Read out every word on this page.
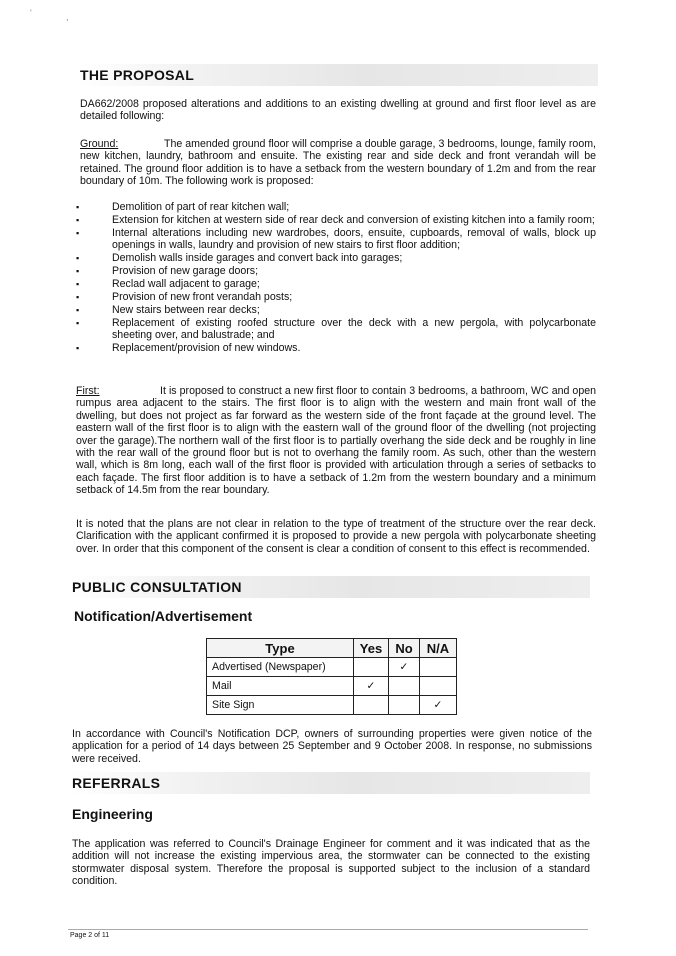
'	,
THE PROPOSAL
DA662/2008 proposed alterations and additions to an existing dwelling at ground and first floor level as are detailed following:
Ground:	The amended ground floor will comprise a double garage, 3 bedrooms, lounge, family room, new kitchen, laundry, bathroom and ensuite. The existing rear and side deck and front verandah will be retained. The ground floor addition is to have a setback from the western boundary of 1.2m and from the rear boundary of 10m. The following work is proposed:
▪ Demolition of part of rear kitchen wall;
▪ Extension for kitchen at western side of rear deck and conversion of existing kitchen into a family room;
▪ Internal alterations including new wardrobes, doors, ensuite, cupboards, removal of walls, block up openings in walls, laundry and provision of new stairs to first floor addition;
▪ Demolish walls inside garages and convert back into garages;
▪ Provision of new garage doors;
▪ Reclad wall adjacent to garage;
▪ Provision of new front verandah posts;
▪ New stairs between rear decks;
▪ Replacement of existing roofed structure over the deck with a new pergola, with polycarbonate sheeting over, and balustrade; and
▪ Replacement/provision of new windows.
First:	It is proposed to construct a new first floor to contain 3 bedrooms, a bathroom, WC and open rumpus area adjacent to the stairs. The first floor is to align with the western and main front wall of the dwelling, but does not project as far forward as the western side of the front façade at the ground level. The eastern wall of the first floor is to align with the eastern wall of the ground floor of the dwelling (not projecting over the garage).The northern wall of the first floor is to partially overhang the side deck and be roughly in line with the rear wall of the ground floor but is not to overhang the family room. As such, other than the western wall, which is 8m long, each wall of the first floor is provided with articulation through a series of setbacks to each façade. The first floor addition is to have a setback of 1.2m from the western boundary and a minimum setback of 14.5m from the rear boundary.
It is noted that the plans are not clear in relation to the type of treatment of the structure over the rear deck. Clarification with the applicant confirmed it is proposed to provide a new pergola with polycarbonate sheeting over. In order that this component of the consent is clear a condition of consent to this effect is recommended.
PUBLIC CONSULTATION
Notification/Advertisement
Type	Yes	No	N/A
Advertised (Newspaper)		✓	
Mail	✓		
Site Sign			✓
In accordance with Council's Notification DCP, owners of surrounding properties were given notice of the application for a period of 14 days between 25 September and 9 October 2008. In response, no submissions were received.
REFERRALS
Engineering
The application was referred to Council's Drainage Engineer for comment and it was indicated that as the addition will not increase the existing impervious area, the stormwater can be connected to the existing stormwater disposal system. Therefore the proposal is supported subject to the inclusion of a standard condition.
Page 2 of 11
